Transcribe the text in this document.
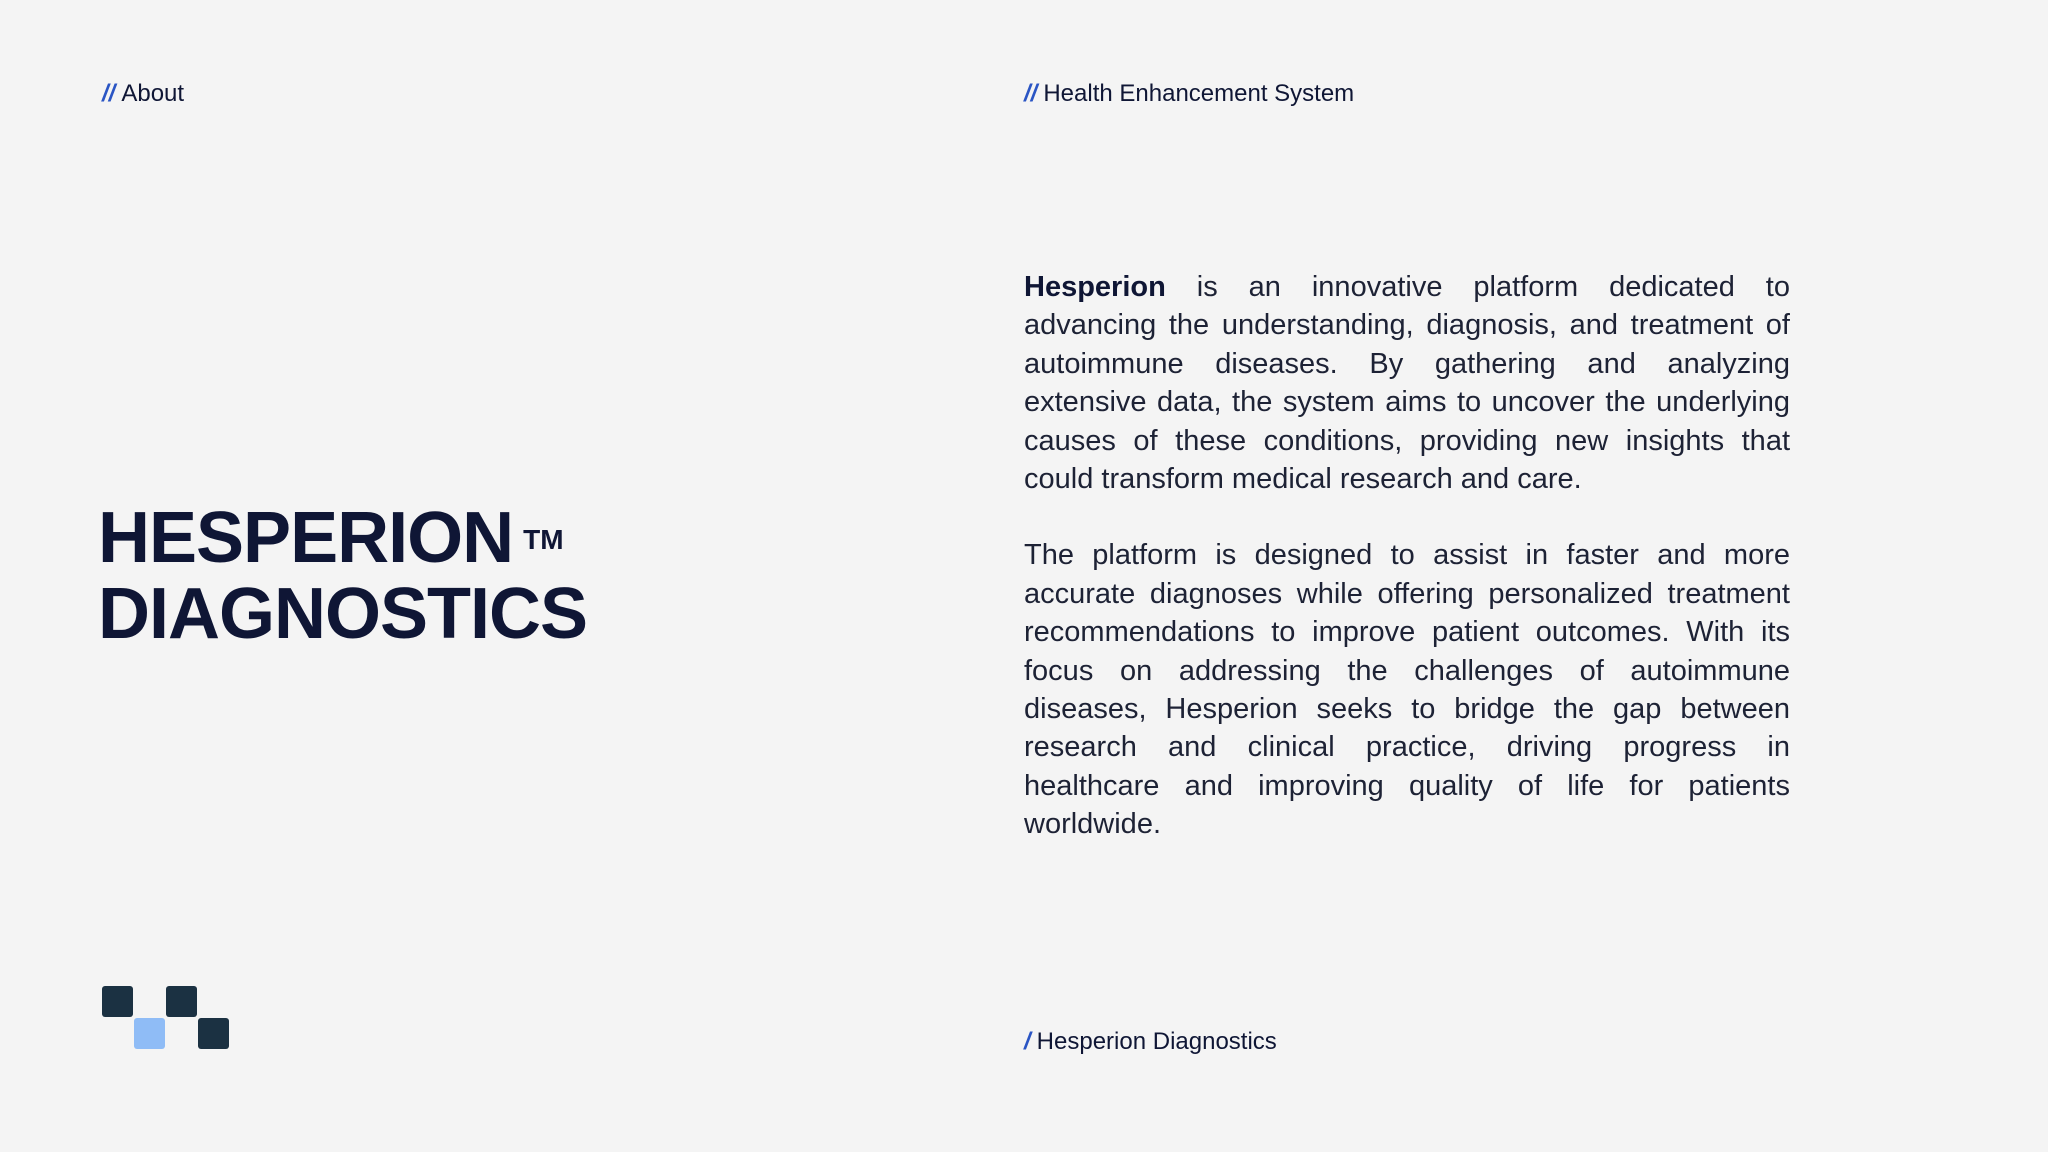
// About	// Health Enhancement System
HESPERION ™
DIAGNOSTICS

Hesperion is an innovative platform dedicated to advancing the understanding, diagnosis, and treatment of autoimmune diseases. By gathering and analyzing extensive data, the system aims to uncover the underlying causes of these conditions, providing new insights that could transform medical research and care.

The platform is designed to assist in faster and more accurate diagnoses while offering personalized treatment recommendations to improve patient outcomes. With its focus on addressing the challenges of autoimmune diseases, Hesperion seeks to bridge the gap between research and clinical practice, driving progress in healthcare and improving quality of life for patients worldwide.

/ Hesperion Diagnostics
